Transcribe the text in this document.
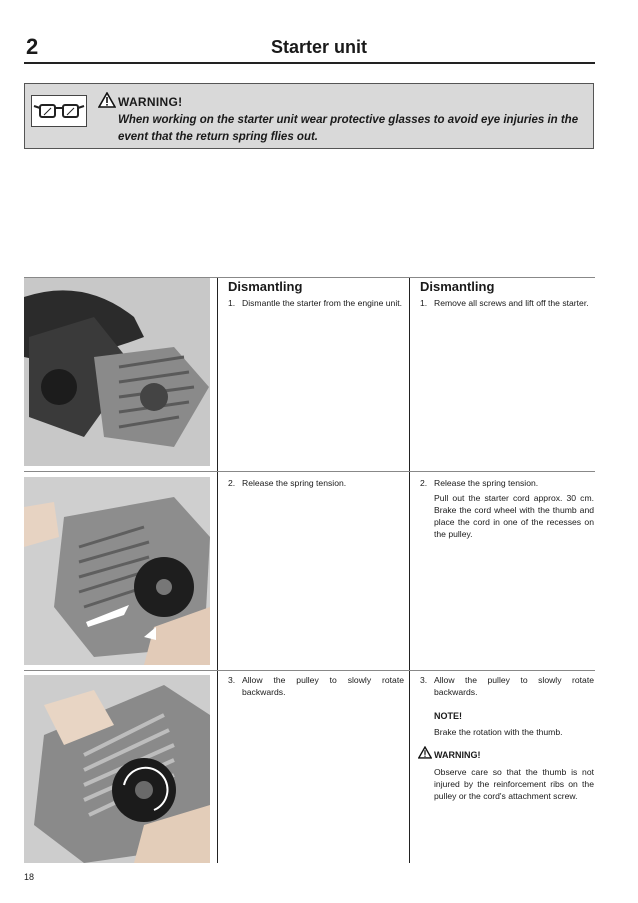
2	Starter unit
WARNING!
When working on the starter unit wear protective glasses to avoid eye injuries in the event that the return spring flies out.
Dismantling
1. Dismantle the starter from the engine unit.
2. Release the spring tension.
3. Allow the pulley to slowly rotate backwards.
Dismantling
1. Remove all screws and lift off the starter.
2. Release the spring tension.
Pull out the starter cord approx. 30 cm. Brake the cord wheel with the thumb and place the cord in one of the recesses on the pulley.
3. Allow the pulley to slowly rotate backwards.
NOTE!
Brake the rotation with the thumb.
WARNING!
Observe care so that the thumb is not injured by the reinforcement ribs on the pulley or the cord's attachment screw.
18
